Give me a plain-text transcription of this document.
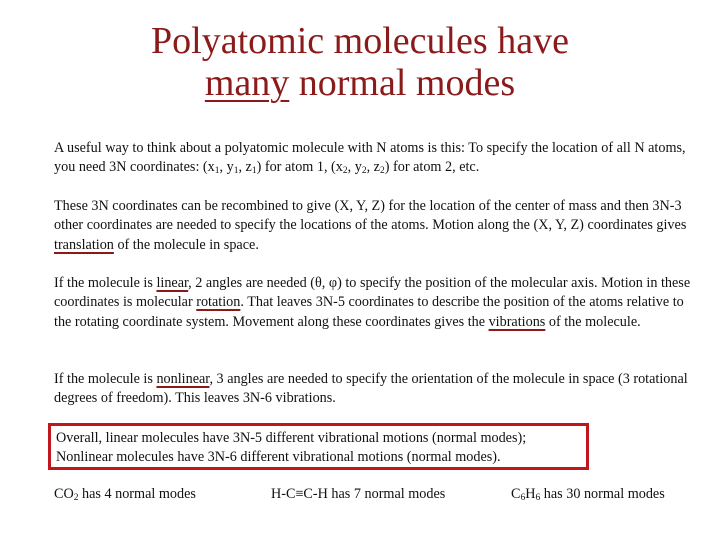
Polyatomic molecules have
many normal modes
A useful way to think about a polyatomic molecule with N atoms is this: To specify the location of all N atoms, you need 3N coordinates: ($x_1$, $y_1$, $z_1$) for atom 1, ($x_2$, $y_2$, $z_2$) for atom 2, etc.
These 3N coordinates can be recombined to give (X, Y, Z) for the location of the center of mass and then 3N-3 other coordinates are needed to specify the locations of the atoms. Motion along the (X, Y, Z) coordinates gives translation of the molecule in space.
If the molecule is linear, 2 angles are needed (θ, φ) to specify the position of the molecular axis. Motion in these coordinates is molecular rotation. That leaves 3N-5 coordinates to describe the position of the atoms relative to the rotating coordinate system. Movement along these coordinates gives the vibrations of the molecule.
If the molecule is nonlinear, 3 angles are needed to specify the orientation of the molecule in space (3 rotational degrees of freedom). This leaves 3N-6 vibrations.
Overall, linear molecules have 3N-5 different vibrational motions (normal modes);
Nonlinear molecules have 3N-6 different vibrational motions (normal modes).
$CO_2$ has 4 normal modes	H-C≡C-H has 7 normal modes	$C_6H_6$ has 30 normal modes
